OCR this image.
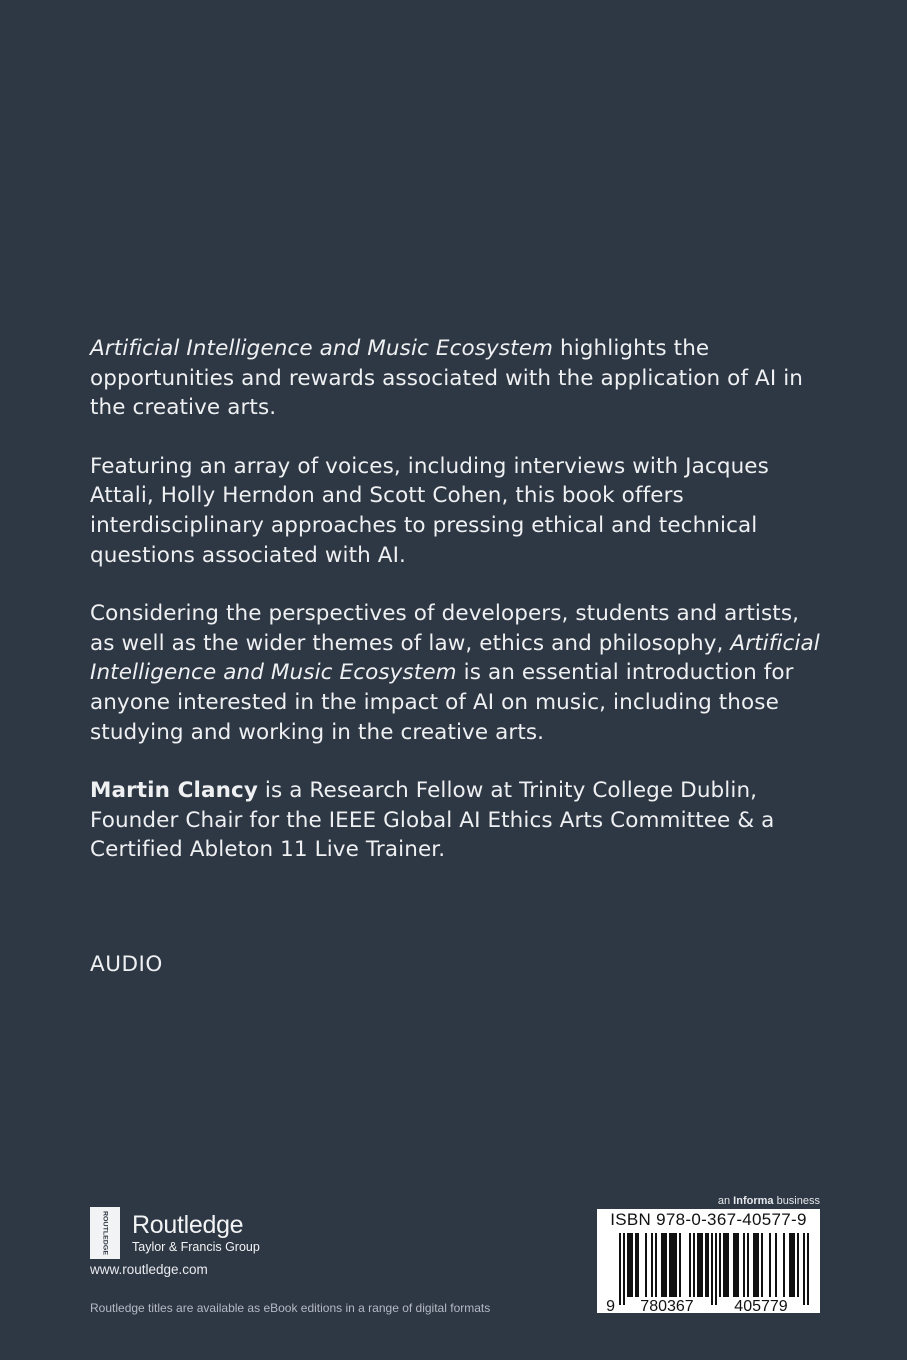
Artificial Intelligence and Music Ecosystem highlights the opportunities and rewards associated with the application of AI in the creative arts.

Featuring an array of voices, including interviews with Jacques Attali, Holly Herndon and Scott Cohen, this book offers interdisciplinary approaches to pressing ethical and technical questions associated with AI.

Considering the perspectives of developers, students and artists, as well as the wider themes of law, ethics and philosophy, Artificial Intelligence and Music Ecosystem is an essential introduction for anyone interested in the impact of AI on music, including those studying and working in the creative arts.

Martin Clancy is a Research Fellow at Trinity College Dublin, Founder Chair for the IEEE Global AI Ethics Arts Committee & a Certified Ableton 11 Live Trainer.

AUDIO
ROUTLEDGE Routledge
Taylor & Francis Group
www.routledge.com
Routledge titles are available as eBook editions in a range of digital formats
an Informa business
9 780367	405779
ISBN 978-0-367-40577-9
